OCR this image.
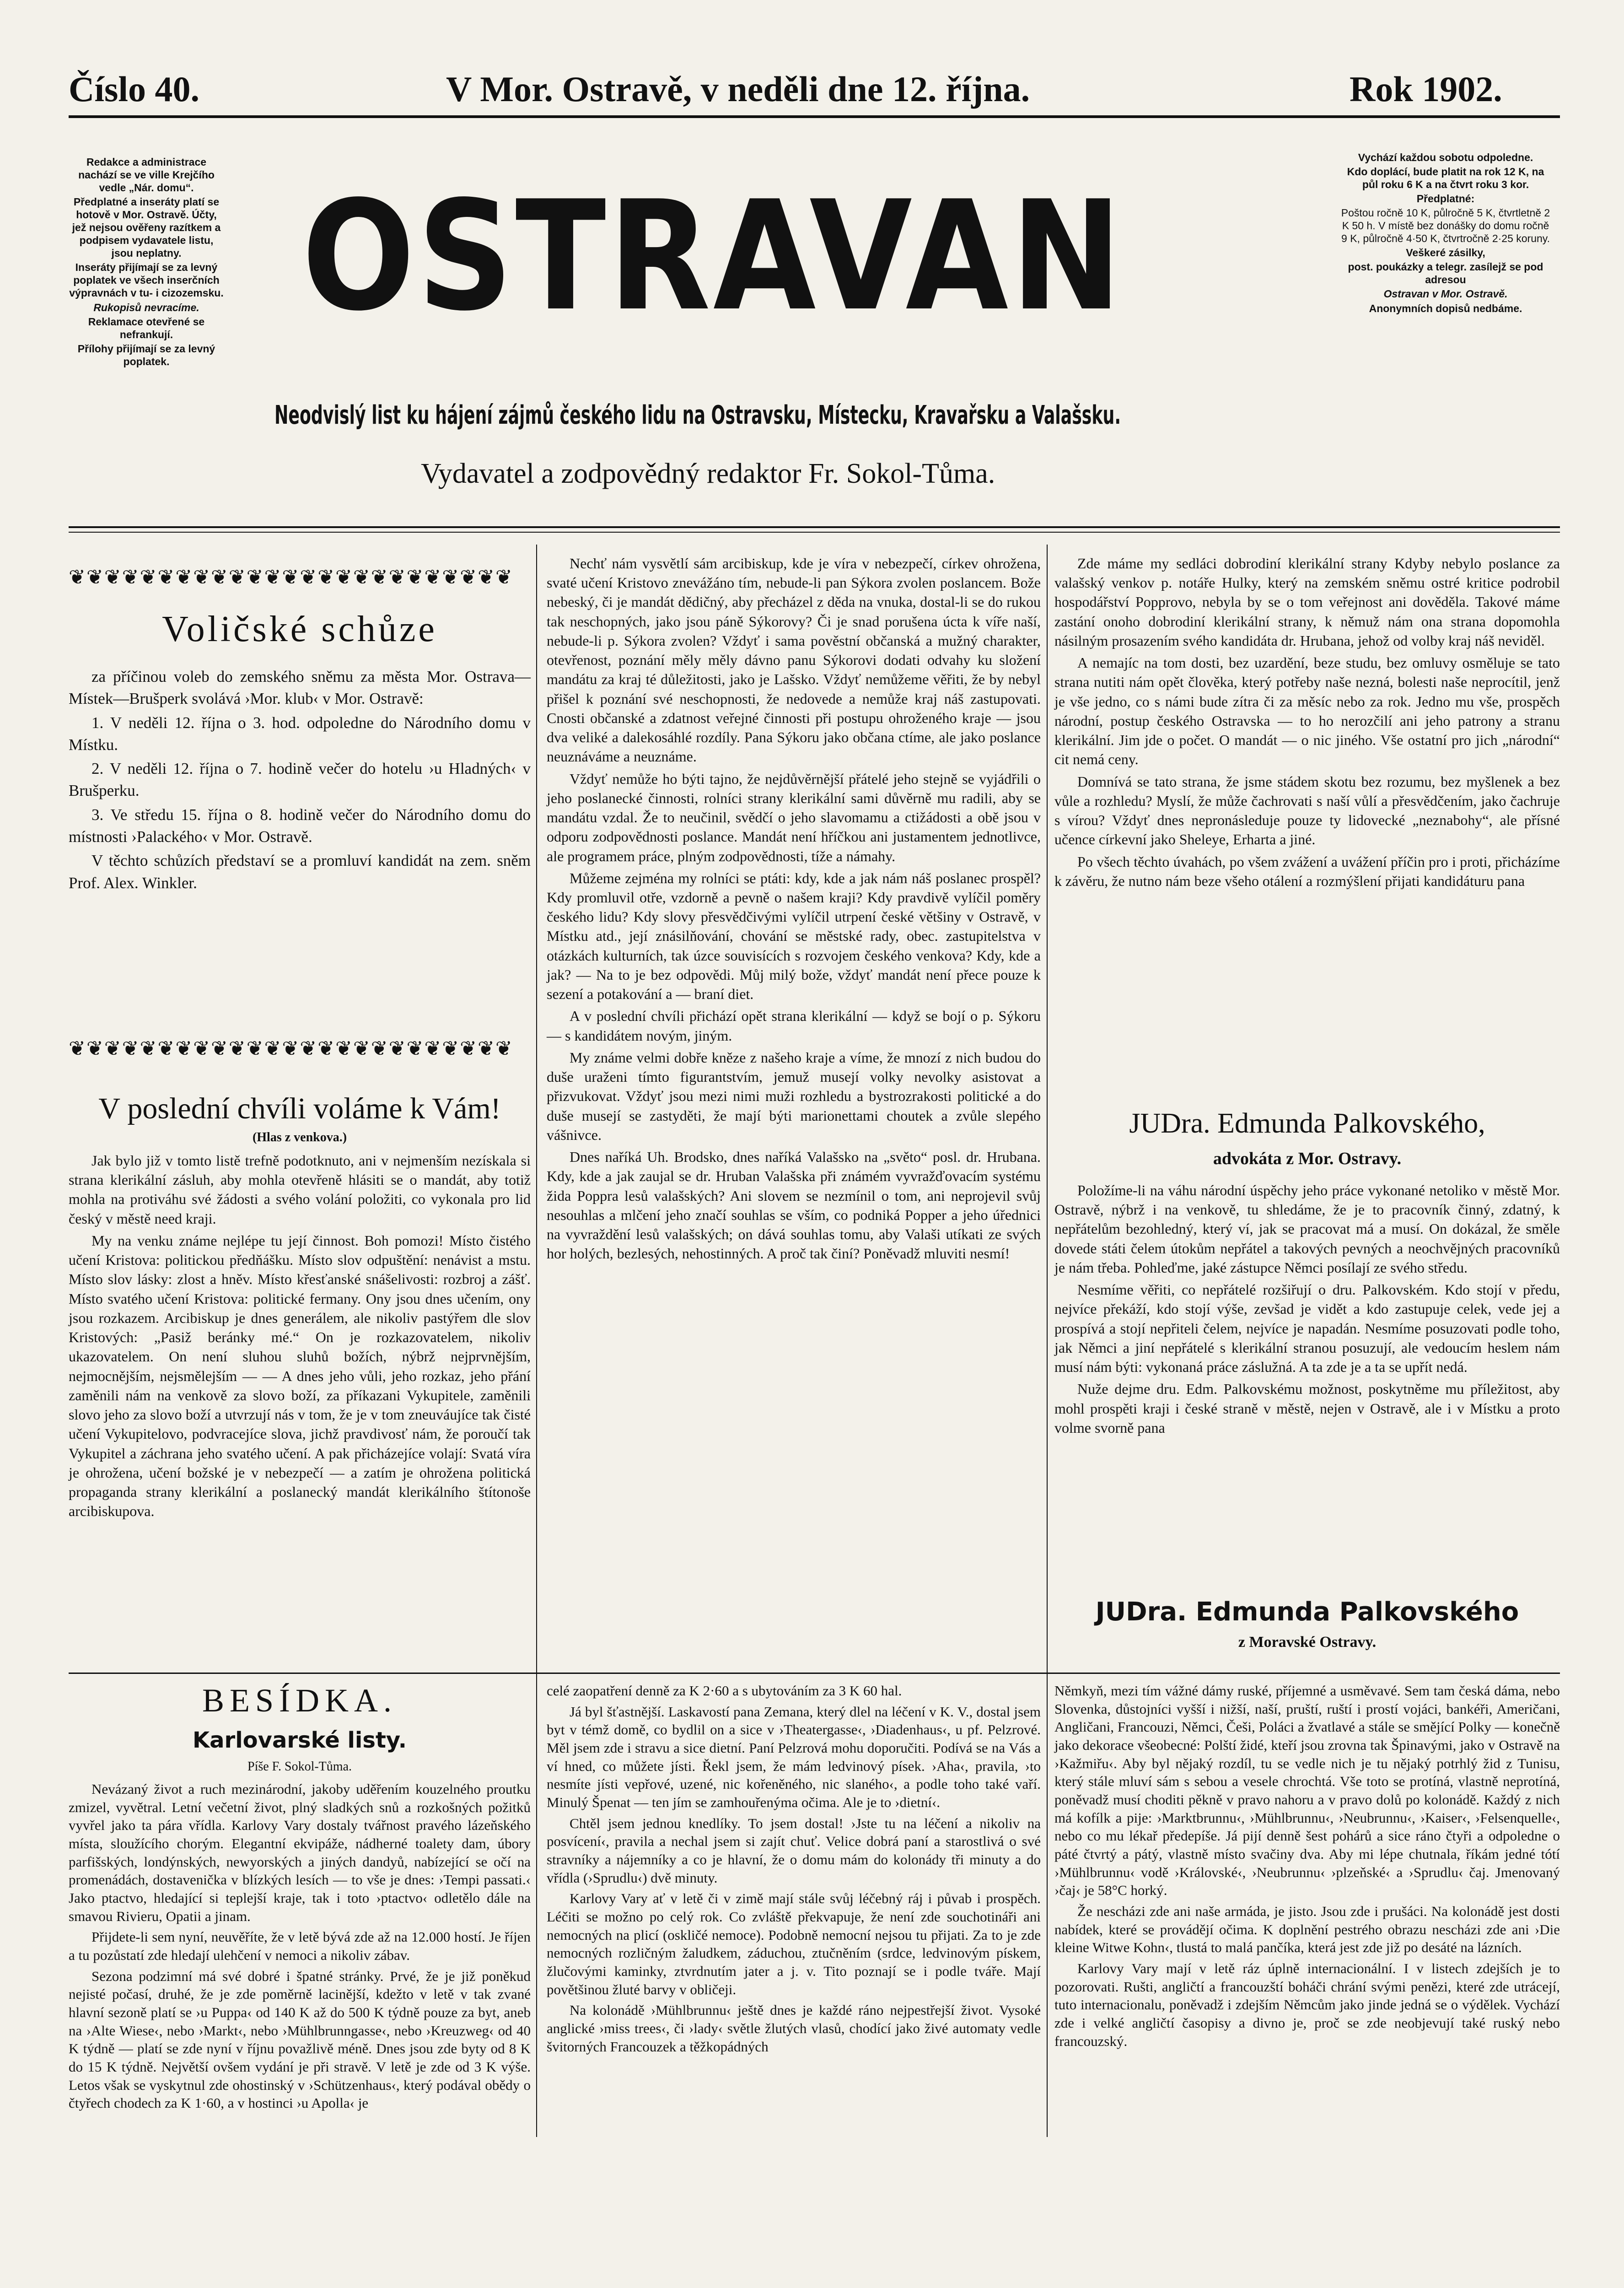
Číslo 40.	V Mor. Ostravě, v neděli dne 12. října.	Rok 1902.

Redakce a administrace nachází se ve ville Krejčího vedle „Nár. domu“.

Předplatné a inseráty platí se hotově v Mor. Ostravě. Účty, jež nejsou ověřeny razítkem a podpisem vydavatele listu, jsou neplatny.

Inseráty přijímají se za levný poplatek ve všech inserčních výpravnách v tu- i cizozemsku.

Rukopisů nevracíme.

Reklamace otevřené se nefrankují.

Přílohy přijímají se za levný poplatek.

OSTRAVAN
Neodvislý list ku hájení zájmů českého lidu na Ostravsku, Místecku, Kravařsku a Valašsku.
Vydavatel a zodpovědný redaktor Fr. Sokol-Tůma.

Vychází každou sobotu odpoledne.

Kdo doplácí, bude platit na rok 12 K, na půl roku 6 K a na čtvrt roku 3 kor.

Předplatné:

Poštou ročně 10 K, půlročně 5 K, čtvrtletně 2 K 50 h. V místě bez donášky do domu ročně 9 K, půlročně 4·50 K, čtvrtročně 2·25 koruny.

Veškeré zásilky,

post. poukázky a telegr. zasílejž se pod adresou

Ostravan v Mor. Ostravě.

Anonymních dopisů nedbáme.

❦❦❦❦❦❦❦❦❦❦❦❦❦❦❦❦❦❦❦❦❦❦❦❦❦
Voličské schůze

za příčinou voleb do zemského sněmu za města Mor. Ostrava—Místek—Brušperk svolává ›Mor. klub‹ v Mor. Ostravě:

1. V neděli 12. října o 3. hod. odpoledne do Národního domu v Místku.

2. V neděli 12. října o 7. hodině večer do hotelu ›u Hladných‹ v Brušperku.

3. Ve středu 15. října o 8. hodině večer do Národního domu do místnosti ›Palackého‹ v Mor. Ostravě.

V těchto schůzích představí se a promluví kandidát na zem. sněm Prof. Alex. Winkler.

❦❦❦❦❦❦❦❦❦❦❦❦❦❦❦❦❦❦❦❦❦❦❦❦❦
V poslední chvíli voláme k Vám!
(Hlas z venkova.)

Jak bylo již v tomto listě trefně podotknuto, ani v nejmenším nezískala si strana klerikální zásluh, aby mohla otevřeně hlásiti se o mandát, aby totiž mohla na protiváhu své žádosti a svého volání položiti, co vykonala pro lid český v městě need kraji.

My na venku známe nejlépe tu její činnost. Boh pomozi! Místo čistého učení Kristova: politickou předňášku. Místo slov odpuštění: nenávist a mstu. Místo slov lásky: zlost a hněv. Místo křesťanské snášelivosti: rozbroj a zášť. Místo svatého učení Kristova: politické fermany. Ony jsou dnes učením, ony jsou rozkazem. Arcibiskup je dnes generálem, ale nikoliv pastýřem dle slov Kristových: „Pasiž beránky mé.“ On je rozkazovatelem, nikoliv ukazovatelem. On není sluhou sluhů božích, nýbrž nejprvnějším, nejmocnějším, nejsmělejším — — A dnes jeho vůli, jeho rozkaz, jeho přání zaměnili nám na venkově za slovo boží, za příkazani Vykupitele, zaměnili slovo jeho za slovo boží a utvrzují nás v tom, že je v tom zneuváujíce tak čisté učení Vykupitelovo, podvracejíce slova, jichž pravdivosť nám, že poroučí tak Vykupitel a záchrana jeho svatého učení. A pak přicházejíce volají: Svatá víra je ohrožena, učení božské je v nebezpečí — a zatím je ohrožena politická propaganda strany klerikální a poslanecký mandát klerikálního štítonoše arcibiskupova.

Nechť nám vysvětlí sám arcibiskup, kde je víra v nebezpečí, církev ohrožena, svaté učení Kristovo znevážáno tím, nebude-li pan Sýkora zvolen poslancem. Bože nebeský, či je mandát dědičný, aby přecházel z děda na vnuka, dostal-li se do rukou tak neschopných, jako jsou páně Sýkorovy? Či je snad porušena úcta k víře naší, nebude-li p. Sýkora zvolen? Vždyť i sama pověstní občanská a mužný charakter, otevřenost, poznání měly měly dávno panu Sýkorovi dodati odvahy ku složení mandátu za kraj té důležitosti, jako je Lašsko. Vždyť nemůžeme věřiti, že by nebyl přišel k poznání své neschopnosti, že nedovede a nemůže kraj náš zastupovati. Cnosti občanské a zdatnost veřejné činnosti při postupu ohroženého kraje — jsou dva veliké a dalekosáhlé rozdíly. Pana Sýkoru jako občana ctíme, ale jako poslance neuznáváme a neuznáme.

Vždyť nemůže ho býti tajno, že nejdůvěrnější přátelé jeho stejně se vyjádřili o jeho poslanecké činnosti, rolníci strany klerikální sami důvěrně mu radili, aby se mandátu vzdal. Že to neučinil, svědčí o jeho slavomamu a ctižádosti a obě jsou v odporu zodpovědnosti poslance. Mandát není hříčkou ani justamentem jednotlivce, ale programem práce, plným zodpovědnosti, tíže a námahy.

Můžeme zejména my rolníci se ptáti: kdy, kde a jak nám náš poslanec prospěl? Kdy promluvil otře, vzdorně a pevně o našem kraji? Kdy pravdivě vylíčil poměry českého lidu? Kdy slovy přesvědčivými vylíčil utrpení české většiny v Ostravě, v Místku atd., její znásilňování, chování se městské rady, obec. zastupitelstva v otázkách kulturních, tak úzce souvisících s rozvojem českého venkova? Kdy, kde a jak? — Na to je bez odpovědi. Můj milý bože, vždyť mandát není přece pouze k sezení a potakování a — braní diet.

A v poslední chvíli přichází opět strana klerikální — když se bojí o p. Sýkoru — s kandidátem novým, jiným.

My známe velmi dobře kněze z našeho kraje a víme, že mnozí z nich budou do duše uraženi tímto figurantstvím, jemuž musejí volky nevolky asistovat a přizvukovat. Vždyť jsou mezi nimi muži rozhledu a bystrozrakosti politické a do duše musejí se zastyděti, že mají býti marionettami choutek a zvůle slepého vášnivce.

Dnes naříká Uh. Brodsko, dnes naříká Valašsko na „světo“ posl. dr. Hrubana. Kdy, kde a jak zaujal se dr. Hruban Valašska při známém vyvražďovacím systému žida Poppra lesů valašských? Ani slovem se nezmínil o tom, ani neprojevil svůj nesouhlas a mlčení jeho značí souhlas se vším, co podniká Popper a jeho úřednici na vyvraždění lesů valašských; on dává souhlas tomu, aby Valaši utíkati ze svých hor holých, bezlesých, nehostinných. A proč tak činí? Poněvadž mluviti nesmí!

Zde máme my sedláci dobrodiní klerikální strany Kdyby nebylo poslance za valašský venkov p. notáře Hulky, který na zemském sněmu ostré kritice podrobil hospodářství Popprovo, nebyla by se o tom veřejnost ani dověděla. Takové máme zastání onoho dobrodiní klerikální strany, k němuž nám ona strana dopomohla násilným prosazením svého kandidáta dr. Hrubana, jehož od volby kraj náš neviděl.

A nemajíc na tom dosti, bez uzardění, beze studu, bez omluvy osměluje se tato strana nutiti nám opět člověka, který potřeby naše nezná, bolesti naše neprocítil, jenž je vše jedno, co s námi bude zítra či za měsíc nebo za rok. Jedno mu vše, prospěch národní, postup českého Ostravska — to ho nerozčilí ani jeho patrony a stranu klerikální. Jim jde o počet. O mandát — o nic jiného. Vše ostatní pro jich „národní“ cit nemá ceny.

Domnívá se tato strana, že jsme stádem skotu bez rozumu, bez myšlenek a bez vůle a rozhledu? Myslí, že může čachrovati s naší vůlí a přesvědčením, jako čachruje s vírou? Vždyť dnes nepronásleduje pouze ty lidovecké „neznabohy“, ale přísné učence církevní jako Sheleye, Erharta a jiné.

Po všech těchto úvahách, po všem zvážení a uvážení příčin pro i proti, přicházíme k závěru, že nutno nám beze všeho otálení a rozmýšlení přijati kandidáturu pana

JUDra. Edmunda Palkovského,
advokáta z Mor. Ostravy.

Položíme-li na váhu národní úspěchy jeho práce vykonané netoliko v městě Mor. Ostravě, nýbrž i na venkově, tu shledáme, že je to pracovník činný, zdatný, k nepřátelům bezohledný, který ví, jak se pracovat má a musí. On dokázal, že směle dovede státi čelem útokům nepřátel a takových pevných a neochvějných pracovníků je nám třeba. Pohleďme, jaké zástupce Němci posílají ze svého středu.

Nesmíme věřiti, co nepřátelé rozšiřují o dru. Palkovském. Kdo stojí v předu, nejvíce překáží, kdo stojí výše, zevšad je vidět a kdo zastupuje celek, vede jej a prospívá a stojí nepřiteli čelem, nejvíce je napadán. Nesmíme posuzovati podle toho, jak Němci a jiní nepřátelé s klerikální stranou posuzují, ale vedoucím heslem nám musí nám býti: vykonaná práce záslužná. A ta zde je a ta se upřít nedá.

Nuže dejme dru. Edm. Palkovskému možnost, poskytněme mu příležitost, aby mohl prospěti kraji i české straně v městě, nejen v Ostravě, ale i v Místku a proto volme svorně pana

JUDra. Edmunda Palkovského
z Moravské Ostravy.
BESÍDKA.
Karlovarské listy.
Píše F. Sokol-Tůma.

Nevázaný život a ruch mezinárodní, jakoby uděřením kouzelného proutku zmizel, vyvětral. Letní večetní život, plný sladkých snů a rozkošných požitků vyvřel jako ta pára vřídla. Karlovy Vary dostaly tvářnost pravého lázeňského místa, sloužícího chorým. Elegantní ekvipáže, nádherné toalety dam, úbory parfišských, londýnských, newyorských a jiných dandyů, nabízející se očí na promenádách, dostavenička v blízkých lesích — to vše je dnes: ›Tempi passati.‹ Jako ptactvo, hledající si teplejší kraje, tak i toto ›ptactvo‹ odletělo dále na smavou Rivieru, Opatii a jinam.

Přijdete-li sem nyní, neuvěříte, že v letě bývá zde až na 12.000 hostí. Je říjen a tu pozůstatí zde hledají ulehčení v nemoci a nikoliv zábav.

Sezona podzimní má své dobré i špatné stránky. Prvé, že je již poněkud nejisté počasí, druhé, že je zde poměrně lacinější, kdežto v letě v tak zvané hlavní sezoně platí se ›u Puppa‹ od 140 K až do 500 K týdně pouze za byt, aneb na ›Alte Wiese‹, nebo ›Markt‹, nebo ›Mühlbrunngasse‹, nebo ›Kreuzweg‹ od 40 K týdně — platí se zde nyní v říjnu považlivě méně. Dnes jsou zde byty od 8 K do 15 K týdně. Největší ovšem vydání je při stravě. V letě je zde od 3 K výše. Letos však se vyskytnul zde ohostinský v ›Schützenhaus‹, který podával obědy o čtyřech chodech za K 1·60, a v hostinci ›u Apolla‹ je

celé zaopatření denně za K 2·60 a s ubytováním za 3 K 60 hal.

Já byl šťastnější. Laskavostí pana Zemana, který dlel na léčení v K. V., dostal jsem byt v témž domě, co bydlil on a sice v ›Theatergasse‹, ›Diadenhaus‹, u pf. Pelzrové. Měl jsem zde i stravu a sice dietní. Paní Pelzrová mohu doporučiti. Podívá se na Vás a ví hned, co můžete jísti. Řekl jsem, že mám ledvinový písek. ›Aha‹, pravila, ›to nesmíte jísti vepřové, uzené, nic kořeněného, nic slaného‹, a podle toho také vaří. Minulý Špenat — ten jím se zamhouřenýma očima. Ale je to ›dietní‹.

Chtěl jsem jednou knedlíky. To jsem dostal! ›Jste tu na léčení a nikoliv na posvícení‹, pravila a nechal jsem si zajít chuť. Velice dobrá paní a starostlivá o své stravníky a nájemníky a co je hlavní, že o domu mám do kolonády tři minuty a do vřídla (›Sprudlu‹) dvě minuty.

Karlovy Vary ať v letě či v zimě mají stále svůj léčebný ráj i půvab i prospěch. Léčiti se možno po celý rok. Co zvláště překvapuje, že není zde souchotináři ani nemocných na plicí (oskličé nemoce). Podobně nemocní nejsou tu přijati. Za to je zde nemocných rozličným žaludkem, záduchou, ztučněním (srdce, ledvinovým pískem, žlučovými kaminky, ztvrdnutím jater a j. v. Tito poznají se i podle tváře. Mají povětšinou žluté barvy v obličeji.

Na kolonádě ›Mühlbrunnu‹ ještě dnes je každé ráno nejpestřejší život. Vysoké anglické ›miss trees‹, či ›lady‹ světle žlutých vlasů, chodící jako živé automaty vedle švitorných Francouzek a těžkopádných

Němkyň, mezi tím vážné dámy ruské, příjemné a usměvavé. Sem tam česká dáma, nebo Slovenka, důstojníci vyšší i nižší, naší, pruští, ruští i prostí vojáci, bankéři, Američani, Angličani, Francouzi, Němci, Češi, Poláci a žvatlavé a stále se smějící Polky — konečně jako dekorace všeobecné: Polští židé, kteří jsou zrovna tak Špinavými, jako v Ostravě na ›Kažmiřu‹. Aby byl nějaký rozdíl, tu se vedle nich je tu nějaký potrhlý žid z Tunisu, který stále mluví sám s sebou a vesele chrochtá. Vše toto se protíná, vlastně neprotíná, poněvadž musí choditi pěkně v pravo nahoru a v pravo dolů po kolonádě. Každý z nich má kofílk a pije: ›Marktbrunnu‹, ›Mühlbrunnu‹, ›Neubrunnu‹, ›Kaiser‹, ›Felsenquelle‹, nebo co mu lékař předepíše. Já pijí denně šest pohárů a sice ráno čtyři a odpoledne o páté čtvrtý a pátý, vlastně místo svačiny dva. Aby mi lépe chutnala, říkám jedné tótí ›Mühlbrunnu‹ vodě ›Královské‹, ›Neubrunnu‹ ›plzeňské‹ a ›Sprudlu‹ čaj. Jmenovaný ›čaj‹ je 58°C horký.

Že nescházi zde ani naše armáda, je jisto. Jsou zde i prušáci. Na kolonádě jest dosti nabídek, které se provádějí očima. K doplnění pestrého obrazu nescházi zde ani ›Die kleine Witwe Kohn‹, tlustá to malá pančíka, která jest zde již po desáté na lázních.

Karlovy Vary mají v letě ráz úplně internacionální. I v listech zdejších je to pozorovati. Rušti, angličtí a francouzští boháči chrání svými penězi, které zde utrácejí, tuto internacionalu, poněvadž i zdejším Němcům jako jinde jedná se o výdělek. Vychází zde i velké angličtí časopisy a divno je, proč se zde neobjevují také ruský nebo francouzský.
